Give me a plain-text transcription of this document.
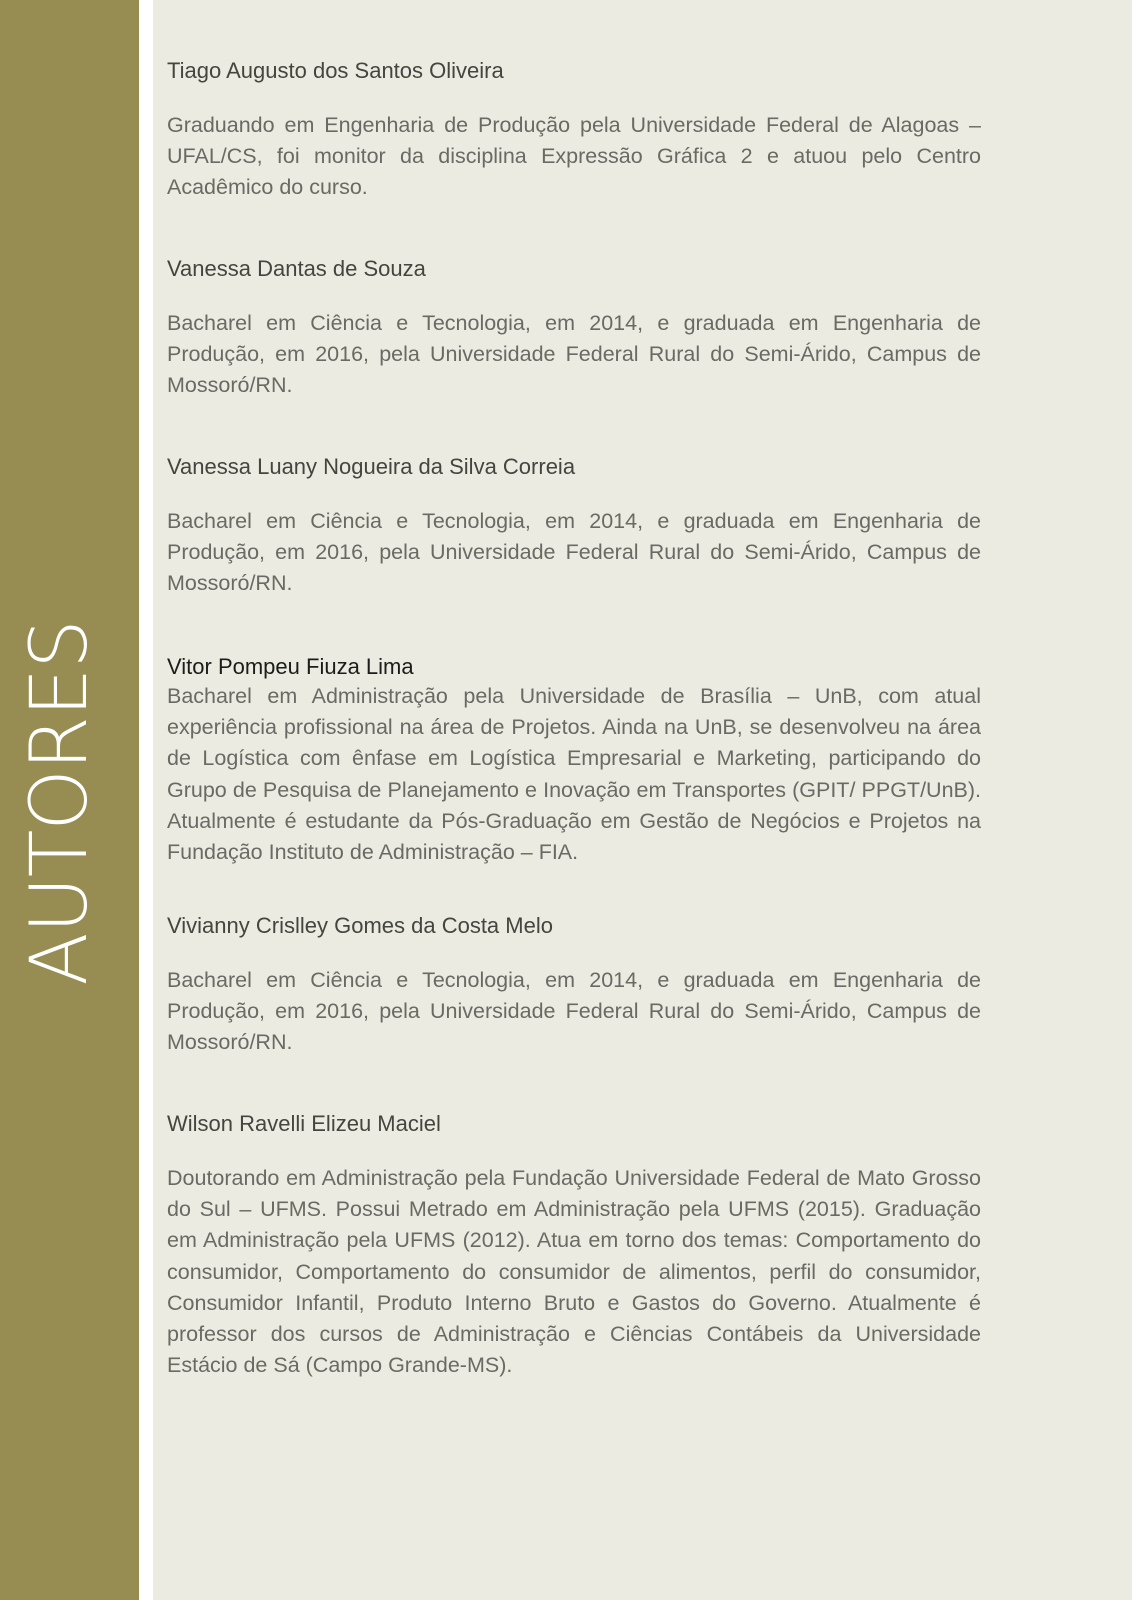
AUTORES

Tiago Augusto dos Santos Oliveira

Graduando em Engenharia de Produção pela Universidade Federal de Alagoas – UFAL/CS, foi monitor da disciplina Expressão Gráfica 2 e atuou pelo Centro Acadêmico do curso.

Vanessa Dantas de Souza

Bacharel em Ciência e Tecnologia, em 2014, e graduada em Engenharia de Produção, em 2016, pela Universidade Federal Rural do Semi-Árido, Campus de Mossoró/RN.

Vanessa Luany Nogueira da Silva Correia

Bacharel em Ciência e Tecnologia, em 2014, e graduada em Engenharia de Produção, em 2016, pela Universidade Federal Rural do Semi-Árido, Campus de Mossoró/RN.

Vitor Pompeu Fiuza Lima

Bacharel em Administração pela Universidade de Brasília – UnB, com atual experiência profissional na área de Projetos. Ainda na UnB, se desenvolveu na área de Logística com ênfase em Logística Empresarial e Marketing, participando do Grupo de Pesquisa de Planejamento e Inovação em Transportes (GPIT/ PPGT/UnB). Atualmente é estudante da Pós-Graduação em Gestão de Negócios e Projetos na Fundação Instituto de Administração – FIA.

Vivianny Crislley Gomes da Costa Melo

Bacharel em Ciência e Tecnologia, em 2014, e graduada em Engenharia de Produção, em 2016, pela Universidade Federal Rural do Semi-Árido, Campus de Mossoró/RN.

Wilson Ravelli Elizeu Maciel

Doutorando em Administração pela Fundação Universidade Federal de Mato Grosso do Sul – UFMS. Possui Metrado em Administração pela UFMS (2015). Graduação em Administração pela UFMS (2012). Atua em torno dos temas: Comportamento do consumidor, Comportamento do consumidor de alimentos, perfil do consumidor, Consumidor Infantil, Produto Interno Bruto e Gastos do Governo. Atualmente é professor dos cursos de Administração e Ciências Contábeis da Universidade Estácio de Sá (Campo Grande-MS).
